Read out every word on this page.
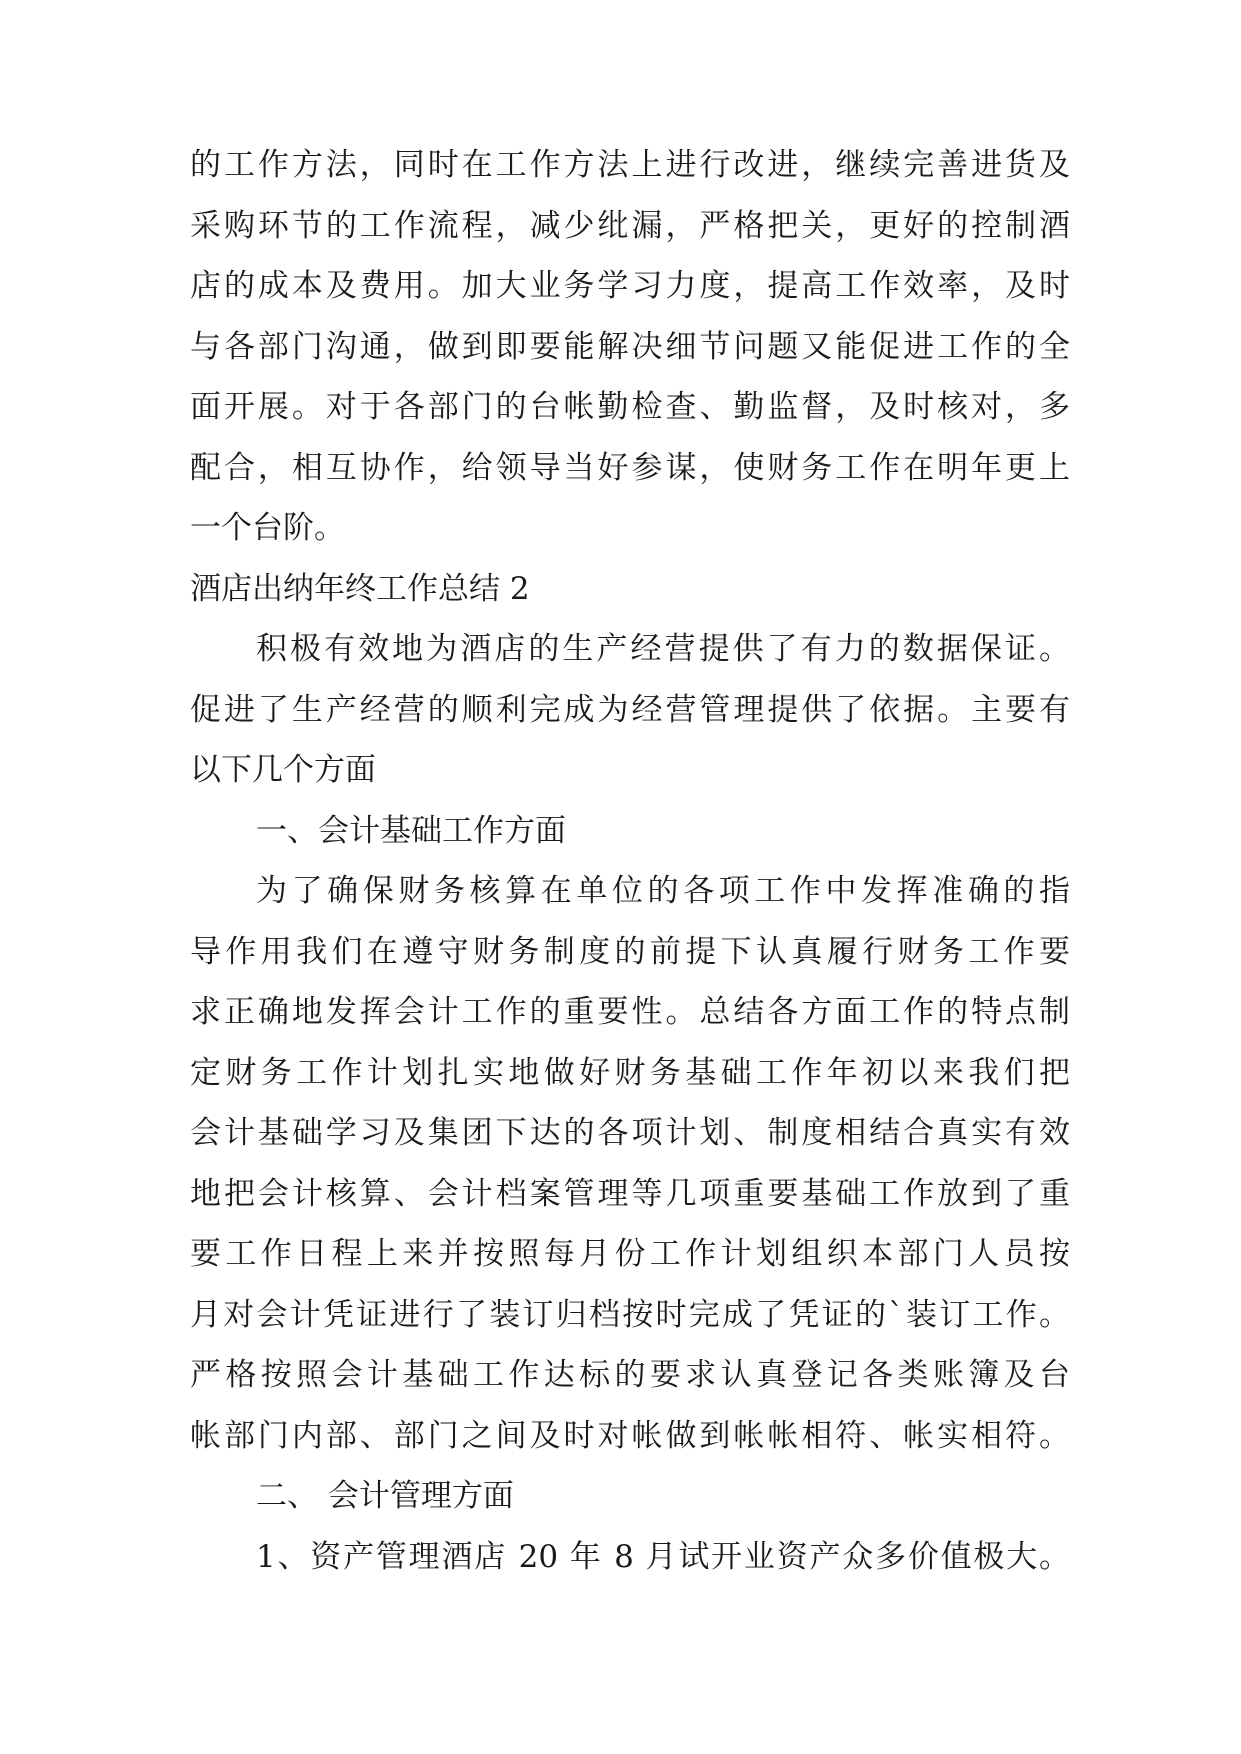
的工作方法，同时在工作方法上进行改进，继续完善进货及
采购环节的工作流程，减少纰漏，严格把关，更好的控制酒
店的成本及费用。加大业务学习力度，提高工作效率，及时
与各部门沟通，做到即要能解决细节问题又能促进工作的全
面开展。对于各部门的台帐勤检查、勤监督，及时核对，多
配合，相互协作，给领导当好参谋，使财务工作在明年更上
一个台阶。
酒店出纳年终工作总结 2
积极有效地为酒店的生产经营提供了有力的数据保证。
促进了生产经营的顺利完成为经营管理提供了依据。主要有
以下几个方面
一、会计基础工作方面
为了确保财务核算在单位的各项工作中发挥准确的指
导作用我们在遵守财务制度的前提下认真履行财务工作要
求正确地发挥会计工作的重要性。总结各方面工作的特点制
定财务工作计划扎实地做好财务基础工作年初以来我们把
会计基础学习及集团下达的各项计划、制度相结合真实有效
地把会计核算、会计档案管理等几项重要基础工作放到了重
要工作日程上来并按照每月份工作计划组织本部门人员按
月对会计凭证进行了装订归档按时完成了凭证的`装订工作。
严格按照会计基础工作达标的要求认真登记各类账簿及台
帐部门内部、部门之间及时对帐做到帐帐相符、帐实相符。
二、 会计管理方面
1、资产管理酒店 20 年 8 月试开业资产众多价值极大。
